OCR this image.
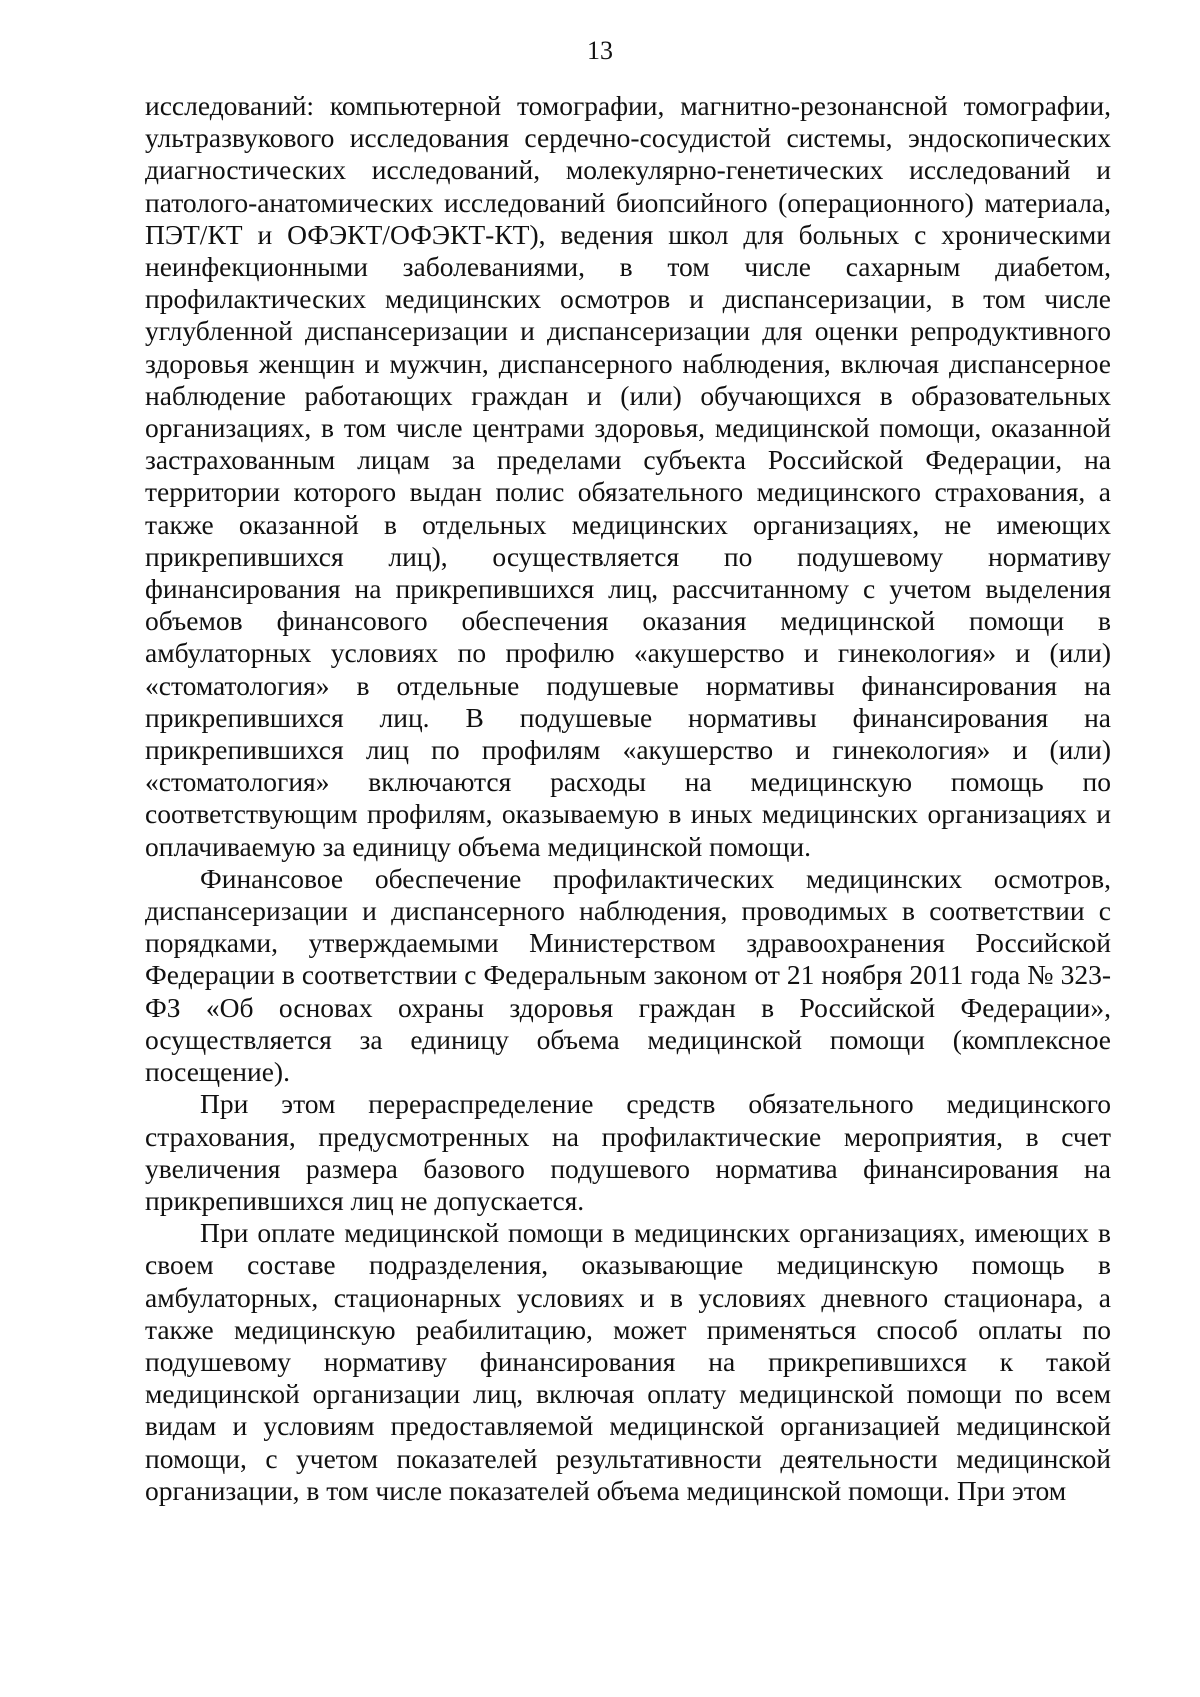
13

исследований: компьютерной томографии, магнитно-резонансной томографии, ультразвукового исследования сердечно-сосудистой системы, эндоскопических диагностических исследований, молекулярно-генетических исследований и патолого-анатомических исследований биопсийного (операционного) материала, ПЭТ/КТ и ОФЭКТ/ОФЭКТ-КТ), ведения школ для больных с хроническими неинфекционными заболеваниями, в том числе сахарным диабетом, профилактических медицинских осмотров и диспансеризации, в том числе углубленной диспансеризации и диспансеризации для оценки репродуктивного здоровья женщин и мужчин, диспансерного наблюдения, включая диспансерное наблюдение работающих граждан и (или) обучающихся в образовательных организациях, в том числе центрами здоровья, медицинской помощи, оказанной застрахованным лицам за пределами субъекта Российской Федерации, на территории которого выдан полис обязательного медицинского страхования, а также оказанной в отдельных медицинских организациях, не имеющих прикрепившихся лиц), осуществляется по подушевому нормативу финансирования на прикрепившихся лиц, рассчитанному с учетом выделения объемов финансового обеспечения оказания медицинской помощи в амбулаторных условиях по профилю «акушерство и гинекология» и (или) «стоматология» в отдельные подушевые нормативы финансирования на прикрепившихся лиц. В подушевые нормативы финансирования на прикрепившихся лиц по профилям «акушерство и гинекология» и (или) «стоматология» включаются расходы на медицинскую помощь по соответствующим профилям, оказываемую в иных медицинских организациях и оплачиваемую за единицу объема медицинской помощи.

Финансовое обеспечение профилактических медицинских осмотров, диспансеризации и диспансерного наблюдения, проводимых в соответствии с порядками, утверждаемыми Министерством здравоохранения Российской Федерации в соответствии с Федеральным законом от 21 ноября 2011 года № 323-ФЗ «Об основах охраны здоровья граждан в Российской Федерации», осуществляется за единицу объема медицинской помощи (комплексное посещение).

При этом перераспределение средств обязательного медицинского страхования, предусмотренных на профилактические мероприятия, в счет увеличения размера базового подушевого норматива финансирования на прикрепившихся лиц не допускается.

При оплате медицинской помощи в медицинских организациях, имеющих в своем составе подразделения, оказывающие медицинскую помощь в амбулаторных, стационарных условиях и в условиях дневного стационара, а также медицинскую реабилитацию, может применяться способ оплаты по подушевому нормативу финансирования на прикрепившихся к такой медицинской организации лиц, включая оплату медицинской помощи по всем видам и условиям предоставляемой медицинской организацией медицинской помощи, с учетом показателей результативности деятельности медицинской организации, в том числе показателей объема медицинской помощи. При этом
